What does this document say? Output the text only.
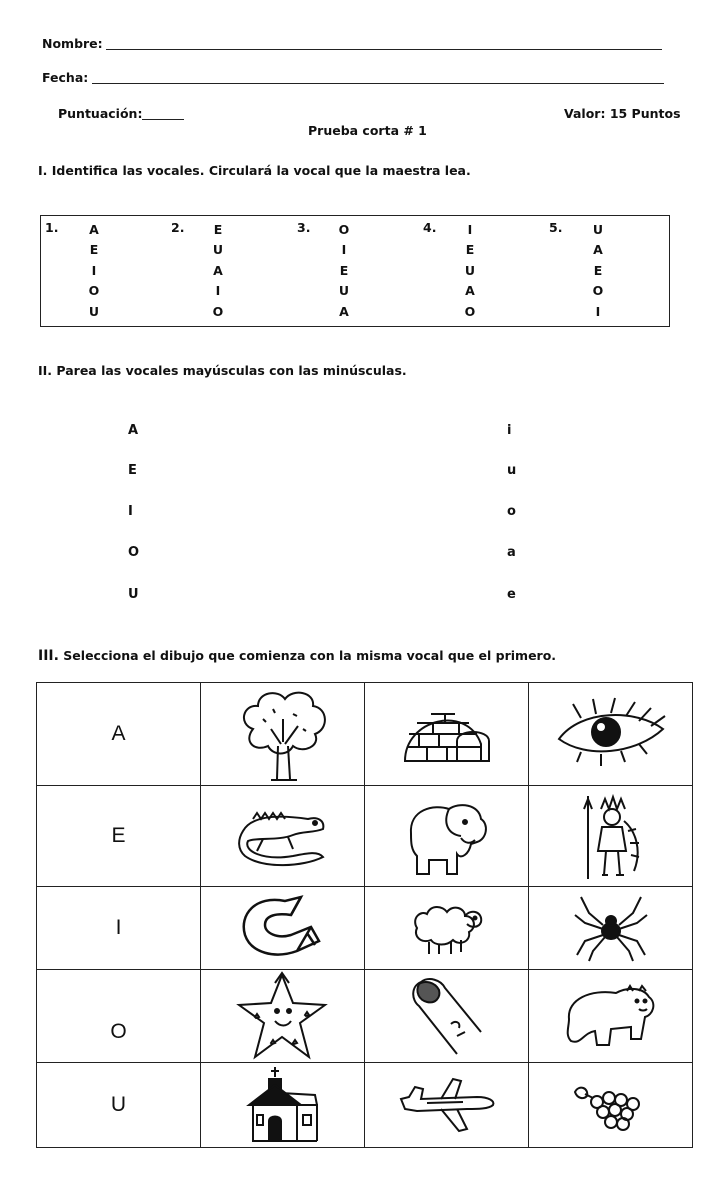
Nombre:
Fecha:
Puntuación:	Valor: 15 Puntos
Prueba corta # 1
I. Identifica las vocales. Circulará la vocal que la maestra lea.
1. A
E
I
O
U
2. E
U
A
I
O
3. O
I
E
U
A
4.	I
E
U
A
O
5. U
A
E
O
I
II. Parea las vocales mayúsculas con las minúsculas.
A
E
I
O
U
i
u
o
a
e
III. Selecciona el dibujo que comienza con la misma vocal que el primero.
A	

E	

I	

O	

U	
